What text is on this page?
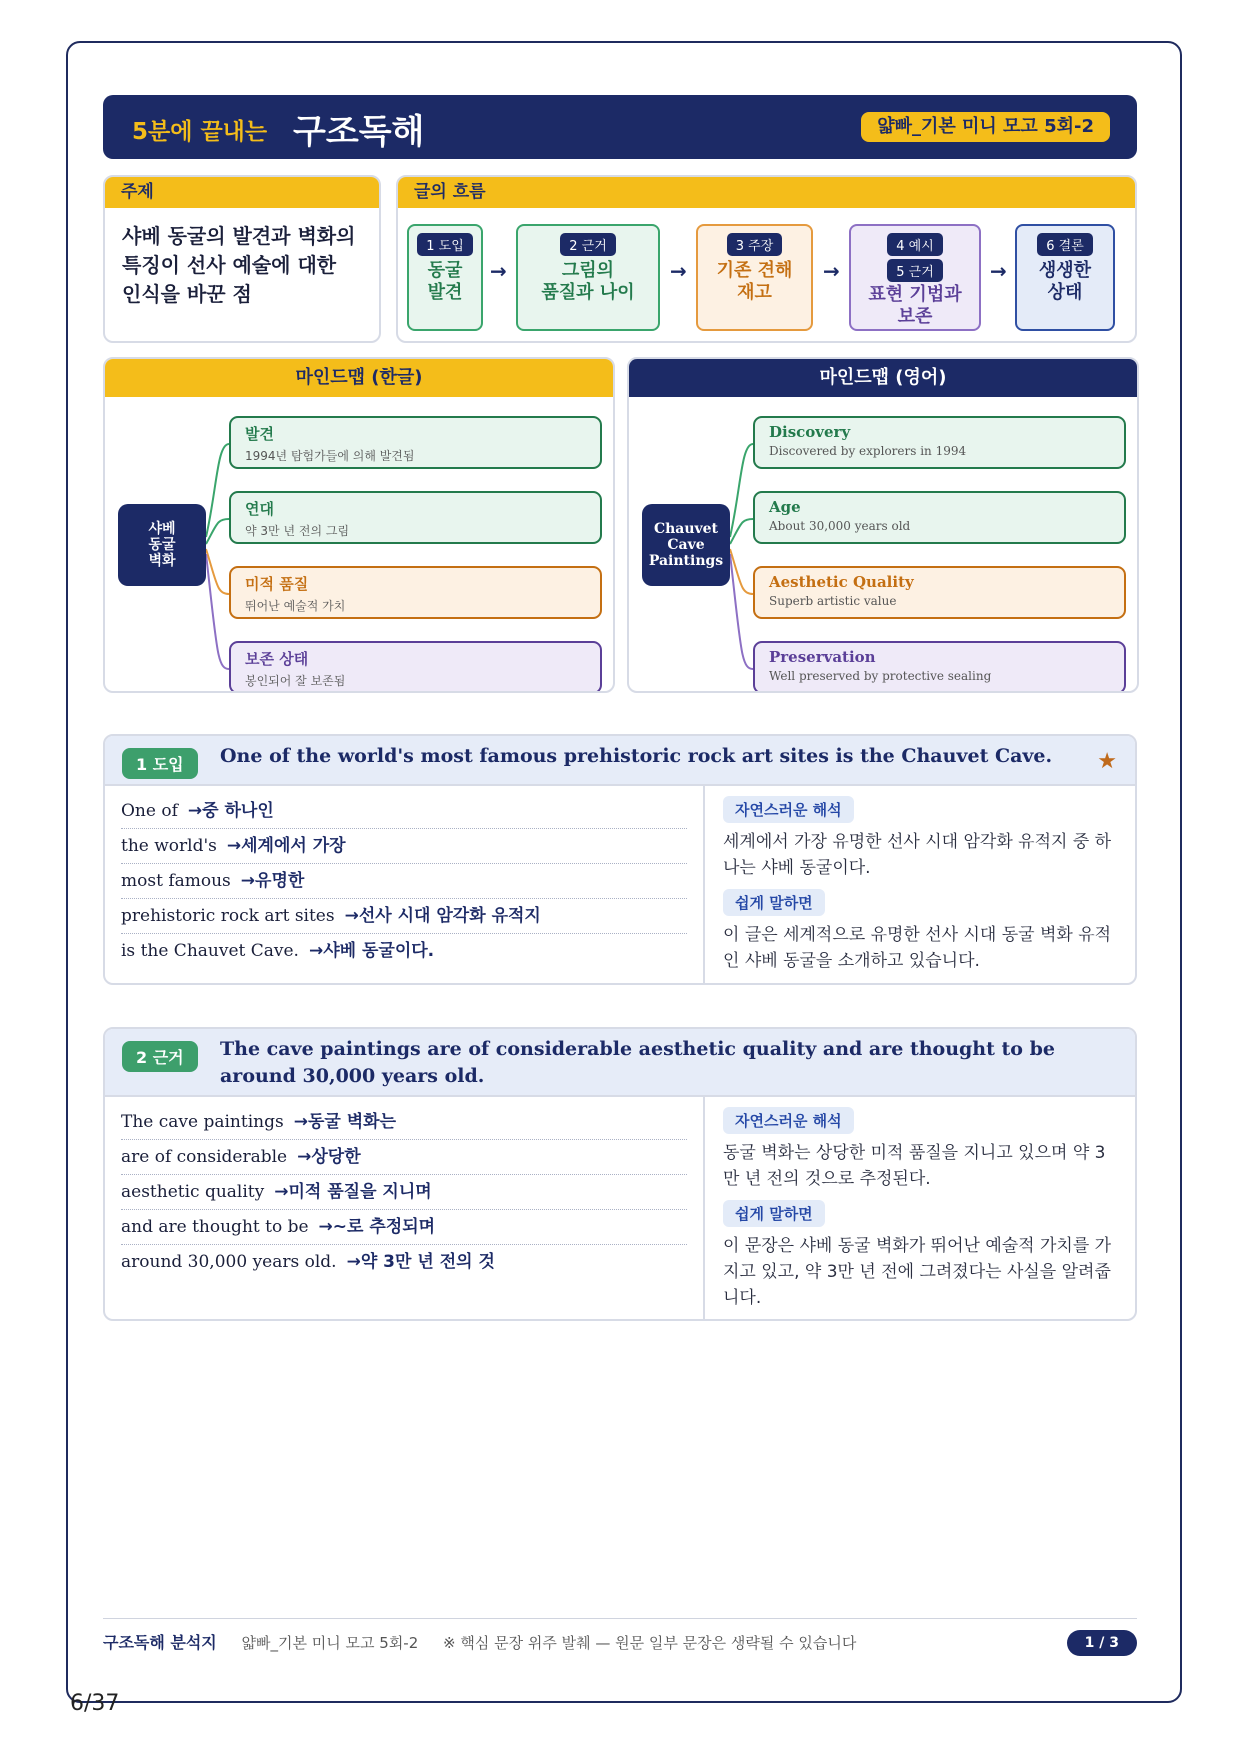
5분에 끝내는 구조독해	얇빠_기본 미니 모고 5회-2
주제
샤베 동굴의 발견과 벽화의 특징이 선사 예술에 대한 인식을 바꾼 점
글의 흐름
1 도입
동굴
발견
→
2 근거
그림의
품질과 나이
→
3 주장
기존 견해
재고
→
4 예시
5 근거
표현 기법과
보존
→
6 결론
생생한
상태
마인드맵 (한글)
샤베
동굴
벽화
발견
1994년 탐험가들에 의해 발견됨
연대
약 3만 년 전의 그림
미적 품질
뛰어난 예술적 가치
보존 상태
봉인되어 잘 보존됨
마인드맵 (영어)
Chauvet
Cave
Paintings
Discovery
Discovered by explorers in 1994
Age
About 30,000 years old
Aesthetic Quality
Superb artistic value
Preservation
Well preserved by protective sealing
1 도입	One of the world's most famous prehistoric rock art sites is the Chauvet Cave.	★
One of →중 하나인
the world's →세계에서 가장
most famous →유명한
prehistoric rock art sites →선사 시대 암각화 유적지
is the Chauvet Cave. →샤베 동굴이다.
자연스러운 해석
세계에서 가장 유명한 선사 시대 암각화 유적지 중 하나는 샤베 동굴이다.
쉽게 말하면
이 글은 세계적으로 유명한 선사 시대 동굴 벽화 유적인 샤베 동굴을 소개하고 있습니다.
2 근거	The cave paintings are of considerable aesthetic quality and are thought to be around 30,000 years old.
The cave paintings →동굴 벽화는
are of considerable →상당한
aesthetic quality →미적 품질을 지니며
and are thought to be →~로 추정되며
around 30,000 years old. →약 3만 년 전의 것
자연스러운 해석
동굴 벽화는 상당한 미적 품질을 지니고 있으며 약 3만 년 전의 것으로 추정된다.
쉽게 말하면
이 문장은 샤베 동굴 벽화가 뛰어난 예술적 가치를 가지고 있고, 약 3만 년 전에 그려졌다는 사실을 알려줍니다.
구조독해 분석지 얇빠_기본 미니 모고 5회-2 ※ 핵심 문장 위주 발췌 — 원문 일부 문장은 생략될 수 있습니다	1 / 3
6/37
